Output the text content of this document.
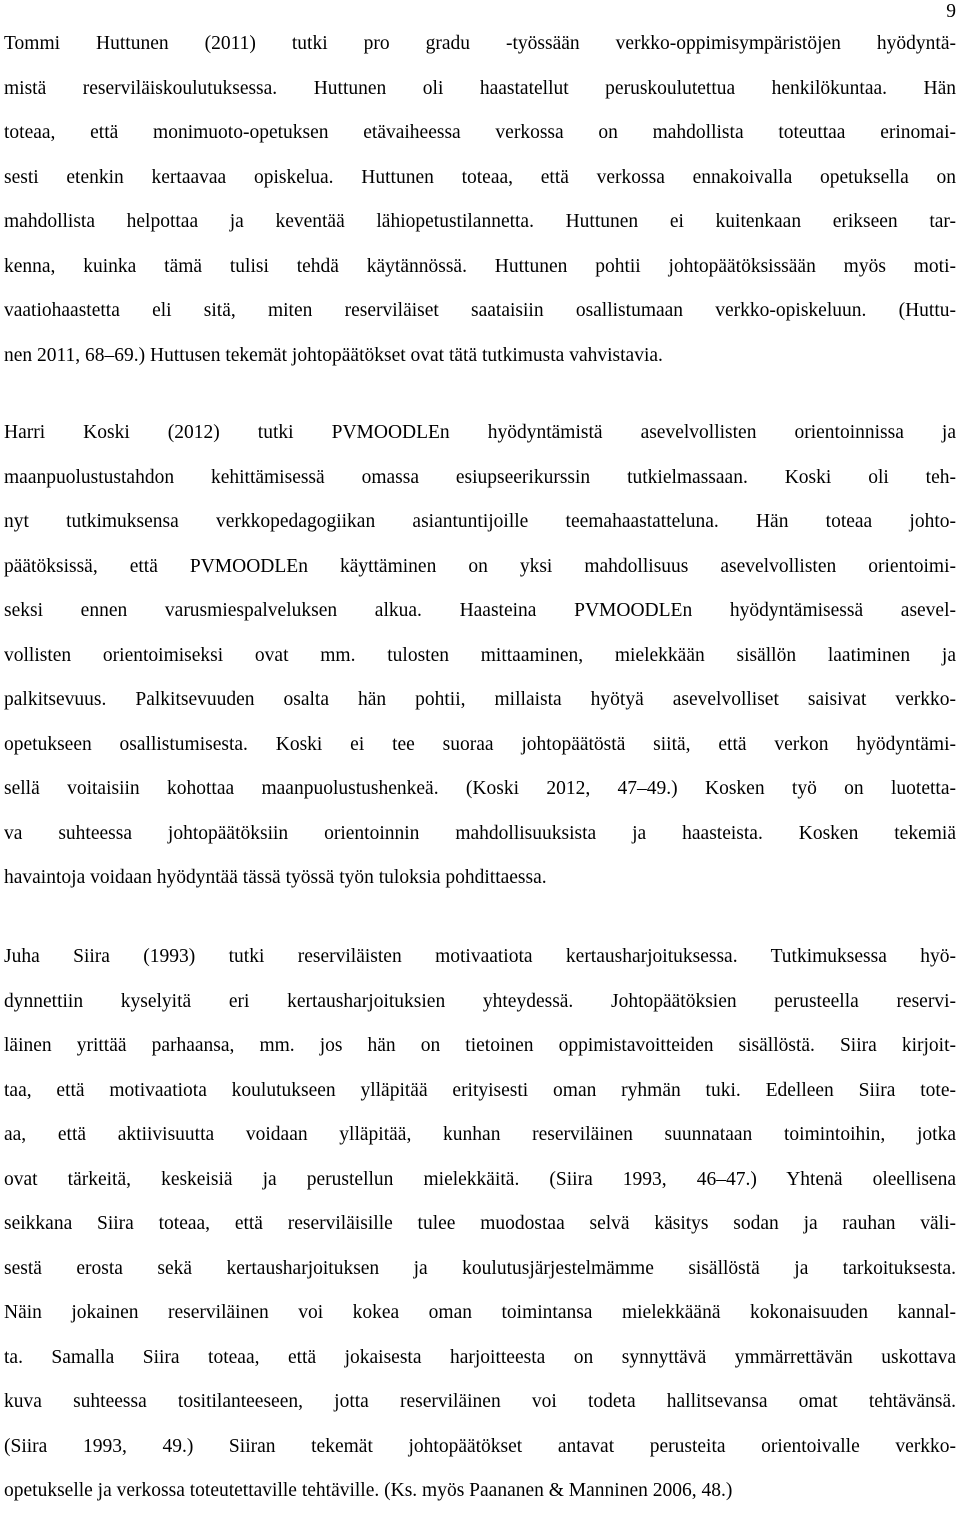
9
Tommi Huttunen (2011) tutki pro gradu -työssään verkko-oppimisympäristöjen hyödyntä-
mistä reserviläiskoulutuksessa. Huttunen oli haastatellut peruskoulutettua henkilökuntaa. Hän
toteaa, että monimuoto-opetuksen etävaiheessa verkossa on mahdollista toteuttaa erinomai-
sesti etenkin kertaavaa opiskelua. Huttunen toteaa, että verkossa ennakoivalla opetuksella on
mahdollista helpottaa ja keventää lähiopetustilannetta. Huttunen ei kuitenkaan erikseen tar-
kenna, kuinka tämä tulisi tehdä käytännössä. Huttunen pohtii johtopäätöksissään myös moti-
vaatiohaastetta eli sitä, miten reserviläiset saataisiin osallistumaan verkko-opiskeluun. (Huttu-
nen 2011, 68–69.) Huttusen tekemät johtopäätökset ovat tätä tutkimusta vahvistavia.
Harri Koski (2012) tutki PVMOODLEn hyödyntämistä asevelvollisten orientoinnissa ja
maanpuolustustahdon kehittämisessä omassa esiupseerikurssin tutkielmassaan. Koski oli teh-
nyt tutkimuksensa verkkopedagogiikan asiantuntijoille teemahaastatteluna. Hän toteaa johto-
päätöksissä, että PVMOODLEn käyttäminen on yksi mahdollisuus asevelvollisten orientoimi-
seksi ennen varusmiespalveluksen alkua. Haasteina PVMOODLEn hyödyntämisessä asevel-
vollisten orientoimiseksi ovat mm. tulosten mittaaminen, mielekkään sisällön laatiminen ja
palkitsevuus. Palkitsevuuden osalta hän pohtii, millaista hyötyä asevelvolliset saisivat verkko-
opetukseen osallistumisesta. Koski ei tee suoraa johtopäätöstä siitä, että verkon hyödyntämi-
sellä voitaisiin kohottaa maanpuolustushenkeä. (Koski 2012, 47–49.) Kosken työ on luotetta-
va suhteessa johtopäätöksiin orientoinnin mahdollisuuksista ja haasteista. Kosken tekemiä
havaintoja voidaan hyödyntää tässä työssä työn tuloksia pohdittaessa.
Juha Siira (1993) tutki reserviläisten motivaatiota kertausharjoituksessa. Tutkimuksessa hyö-
dynnettiin kyselyitä eri kertausharjoituksien yhteydessä. Johtopäätöksien perusteella reservi-
läinen yrittää parhaansa, mm. jos hän on tietoinen oppimistavoitteiden sisällöstä. Siira kirjoit-
taa, että motivaatiota koulutukseen ylläpitää erityisesti oman ryhmän tuki. Edelleen Siira tote-
aa, että aktiivisuutta voidaan ylläpitää, kunhan reserviläinen suunnataan toimintoihin, jotka
ovat tärkeitä, keskeisiä ja perustellun mielekkäitä. (Siira 1993, 46–47.) Yhtenä oleellisena
seikkana Siira toteaa, että reserviläisille tulee muodostaa selvä käsitys sodan ja rauhan väli-
sestä erosta sekä kertausharjoituksen ja koulutusjärjestelmämme sisällöstä ja tarkoituksesta.
Näin jokainen reserviläinen voi kokea oman toimintansa mielekkäänä kokonaisuuden kannal-
ta. Samalla Siira toteaa, että jokaisesta harjoitteesta on synnyttävä ymmärrettävän uskottava
kuva suhteessa tositilanteeseen, jotta reserviläinen voi todeta hallitsevansa omat tehtävänsä.
(Siira 1993, 49.) Siiran tekemät johtopäätökset antavat perusteita orientoivalle verkko-
opetukselle ja verkossa toteutettaville tehtäville. (Ks. myös Paananen & Manninen 2006, 48.)
